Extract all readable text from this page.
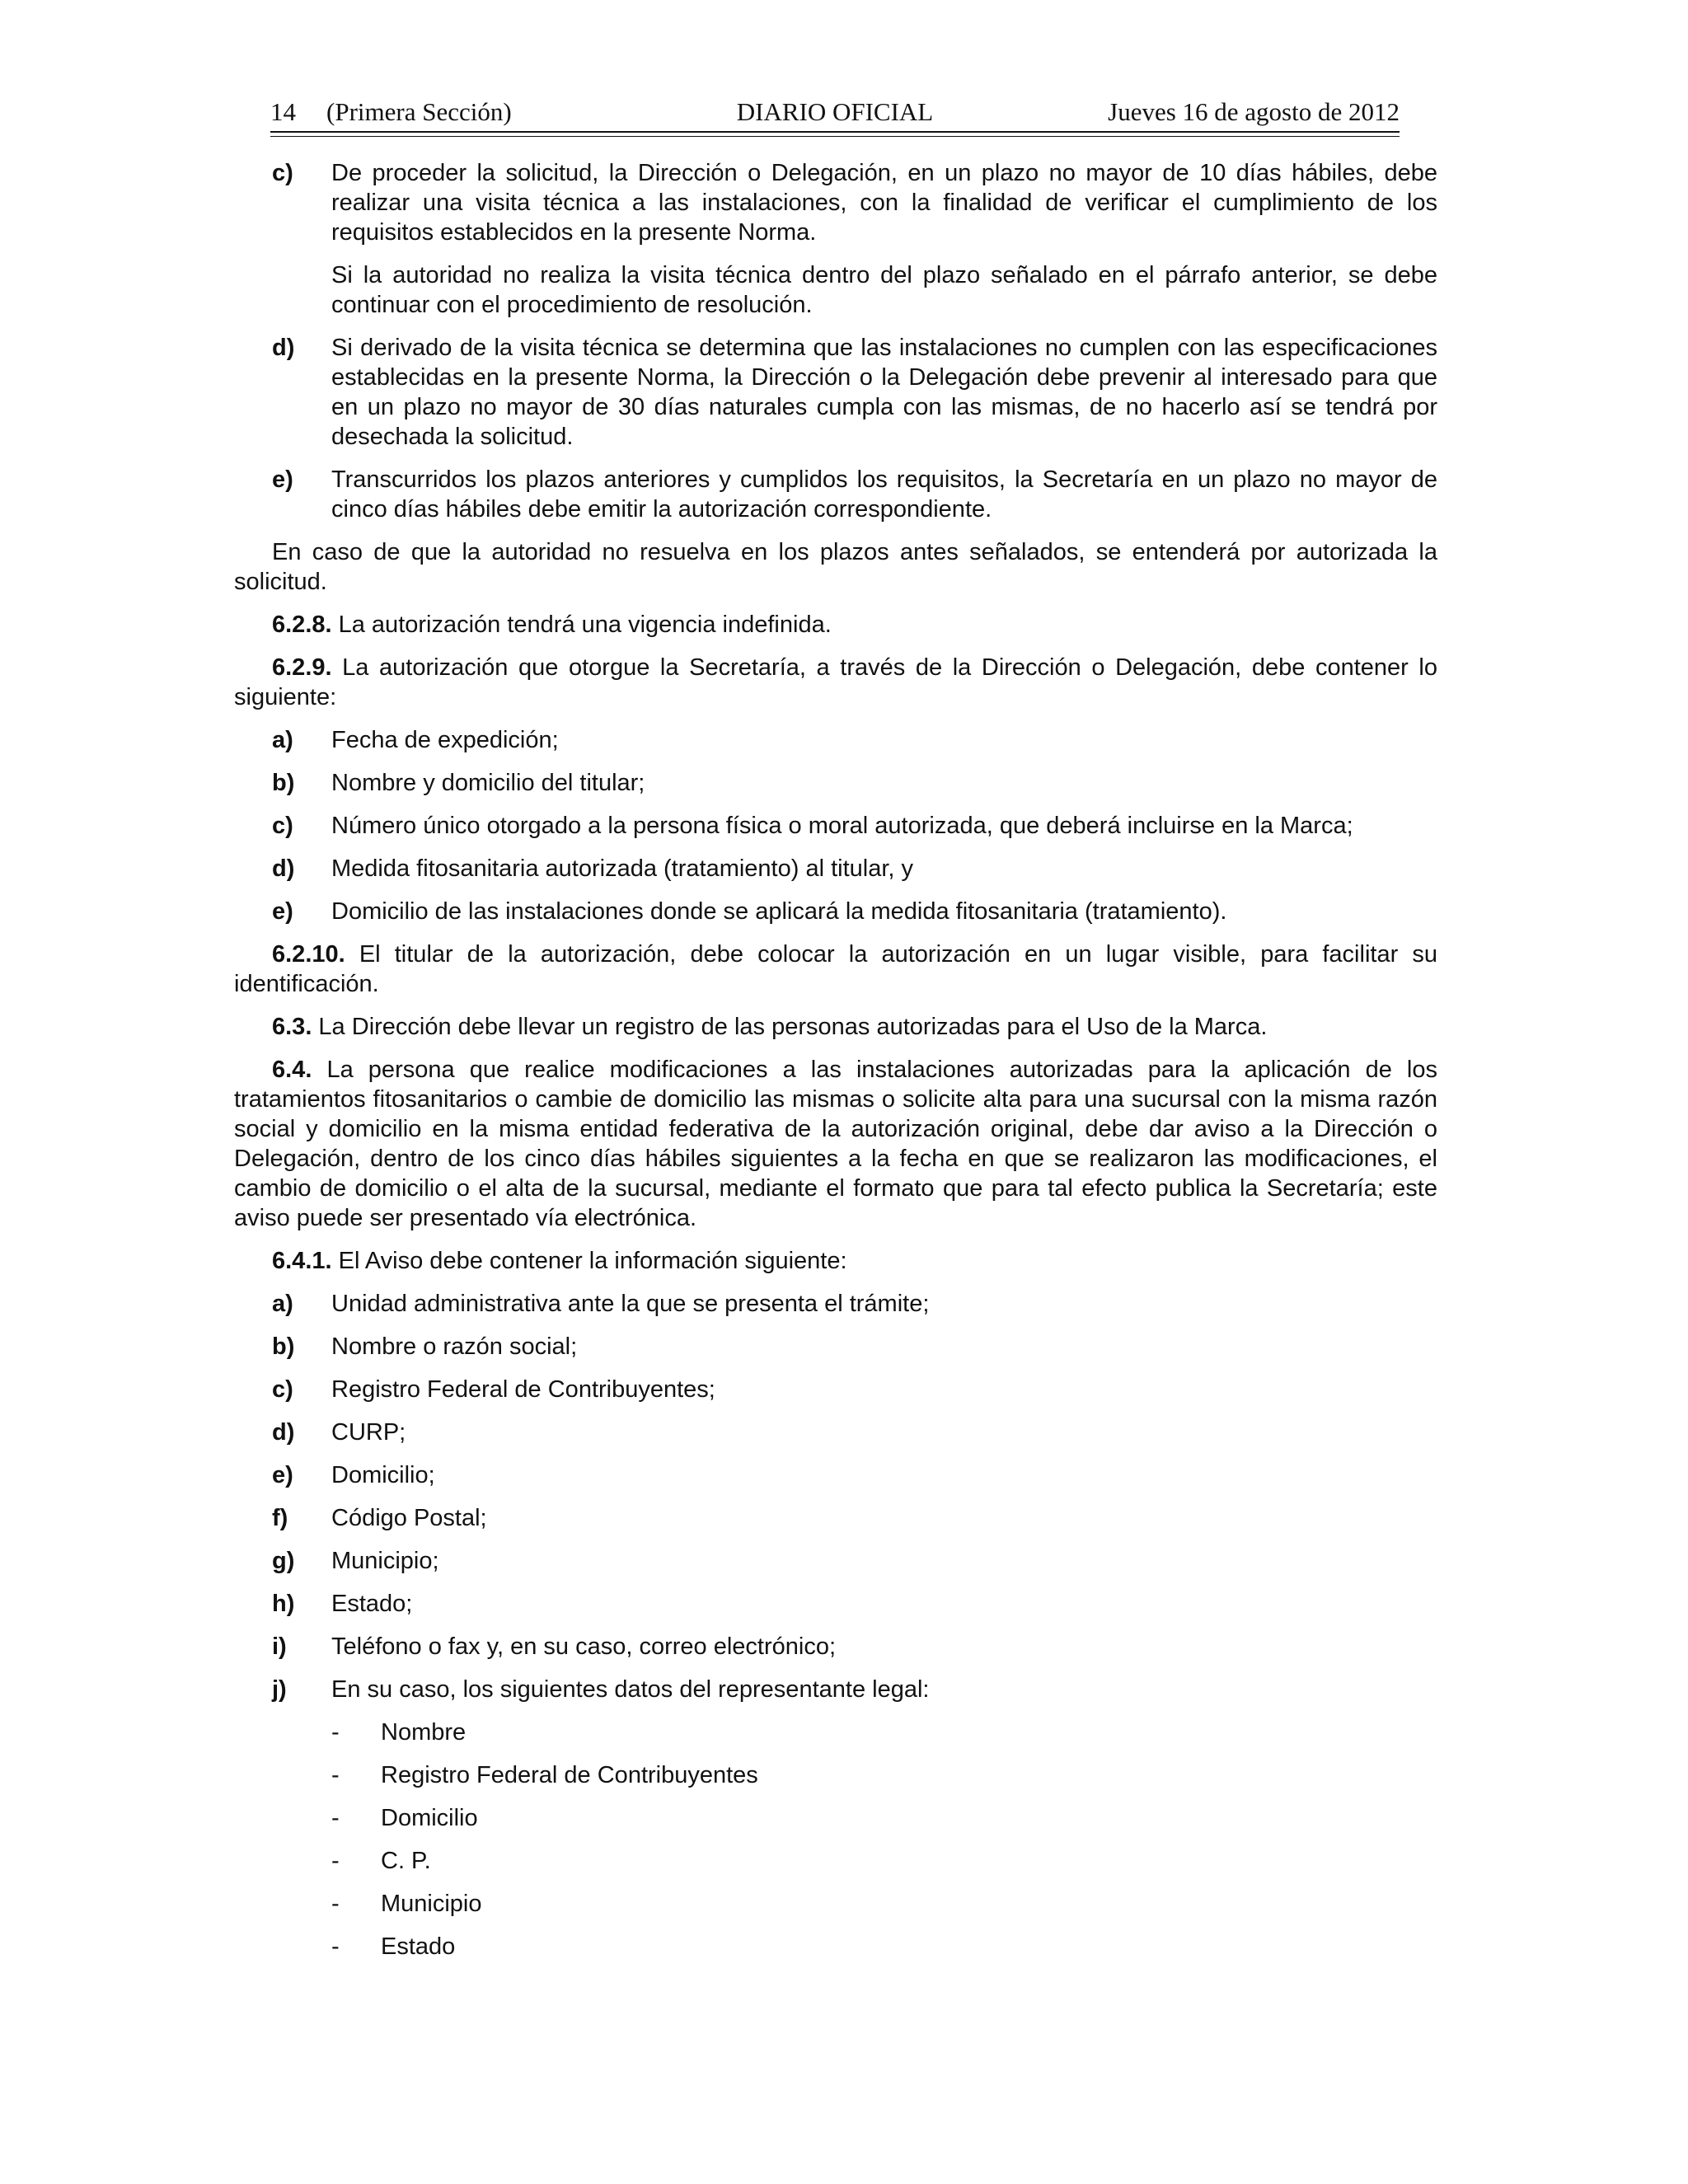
14 (Primera Sección)	DIARIO OFICIAL	Jueves 16 de agosto de 2012
c) De proceder la solicitud, la Dirección o Delegación, en un plazo no mayor de 10 días hábiles, debe realizar una visita técnica a las instalaciones, con la finalidad de verificar el cumplimiento de los requisitos establecidos en la presente Norma.

Si la autoridad no realiza la visita técnica dentro del plazo señalado en el párrafo anterior, se debe continuar con el procedimiento de resolución.

d) Si derivado de la visita técnica se determina que las instalaciones no cumplen con las especificaciones establecidas en la presente Norma, la Dirección o la Delegación debe prevenir al interesado para que en un plazo no mayor de 30 días naturales cumpla con las mismas, de no hacerlo así se tendrá por desechada la solicitud.

e) Transcurridos los plazos anteriores y cumplidos los requisitos, la Secretaría en un plazo no mayor de cinco días hábiles debe emitir la autorización correspondiente.

En caso de que la autoridad no resuelva en los plazos antes señalados, se entenderá por autorizada la solicitud.

6.2.8. La autorización tendrá una vigencia indefinida.

6.2.9. La autorización que otorgue la Secretaría, a través de la Dirección o Delegación, debe contener lo siguiente:

a) Fecha de expedición;

b) Nombre y domicilio del titular;

c) Número único otorgado a la persona física o moral autorizada, que deberá incluirse en la Marca;

d) Medida fitosanitaria autorizada (tratamiento) al titular, y

e) Domicilio de las instalaciones donde se aplicará la medida fitosanitaria (tratamiento).

6.2.10. El titular de la autorización, debe colocar la autorización en un lugar visible, para facilitar su identificación.

6.3. La Dirección debe llevar un registro de las personas autorizadas para el Uso de la Marca.

6.4. La persona que realice modificaciones a las instalaciones autorizadas para la aplicación de los tratamientos fitosanitarios o cambie de domicilio las mismas o solicite alta para una sucursal con la misma razón social y domicilio en la misma entidad federativa de la autorización original, debe dar aviso a la Dirección o Delegación, dentro de los cinco días hábiles siguientes a la fecha en que se realizaron las modificaciones, el cambio de domicilio o el alta de la sucursal, mediante el formato que para tal efecto publica la Secretaría; este aviso puede ser presentado vía electrónica.

6.4.1. El Aviso debe contener la información siguiente:

a) Unidad administrativa ante la que se presenta el trámite;

b) Nombre o razón social;

c) Registro Federal de Contribuyentes;

d) CURP;

e) Domicilio;

f) Código Postal;

g) Municipio;

h) Estado;

i) Teléfono o fax y, en su caso, correo electrónico;

j) En su caso, los siguientes datos del representante legal:

- Nombre

- Registro Federal de Contribuyentes

- Domicilio

- C. P.

- Municipio

- Estado
